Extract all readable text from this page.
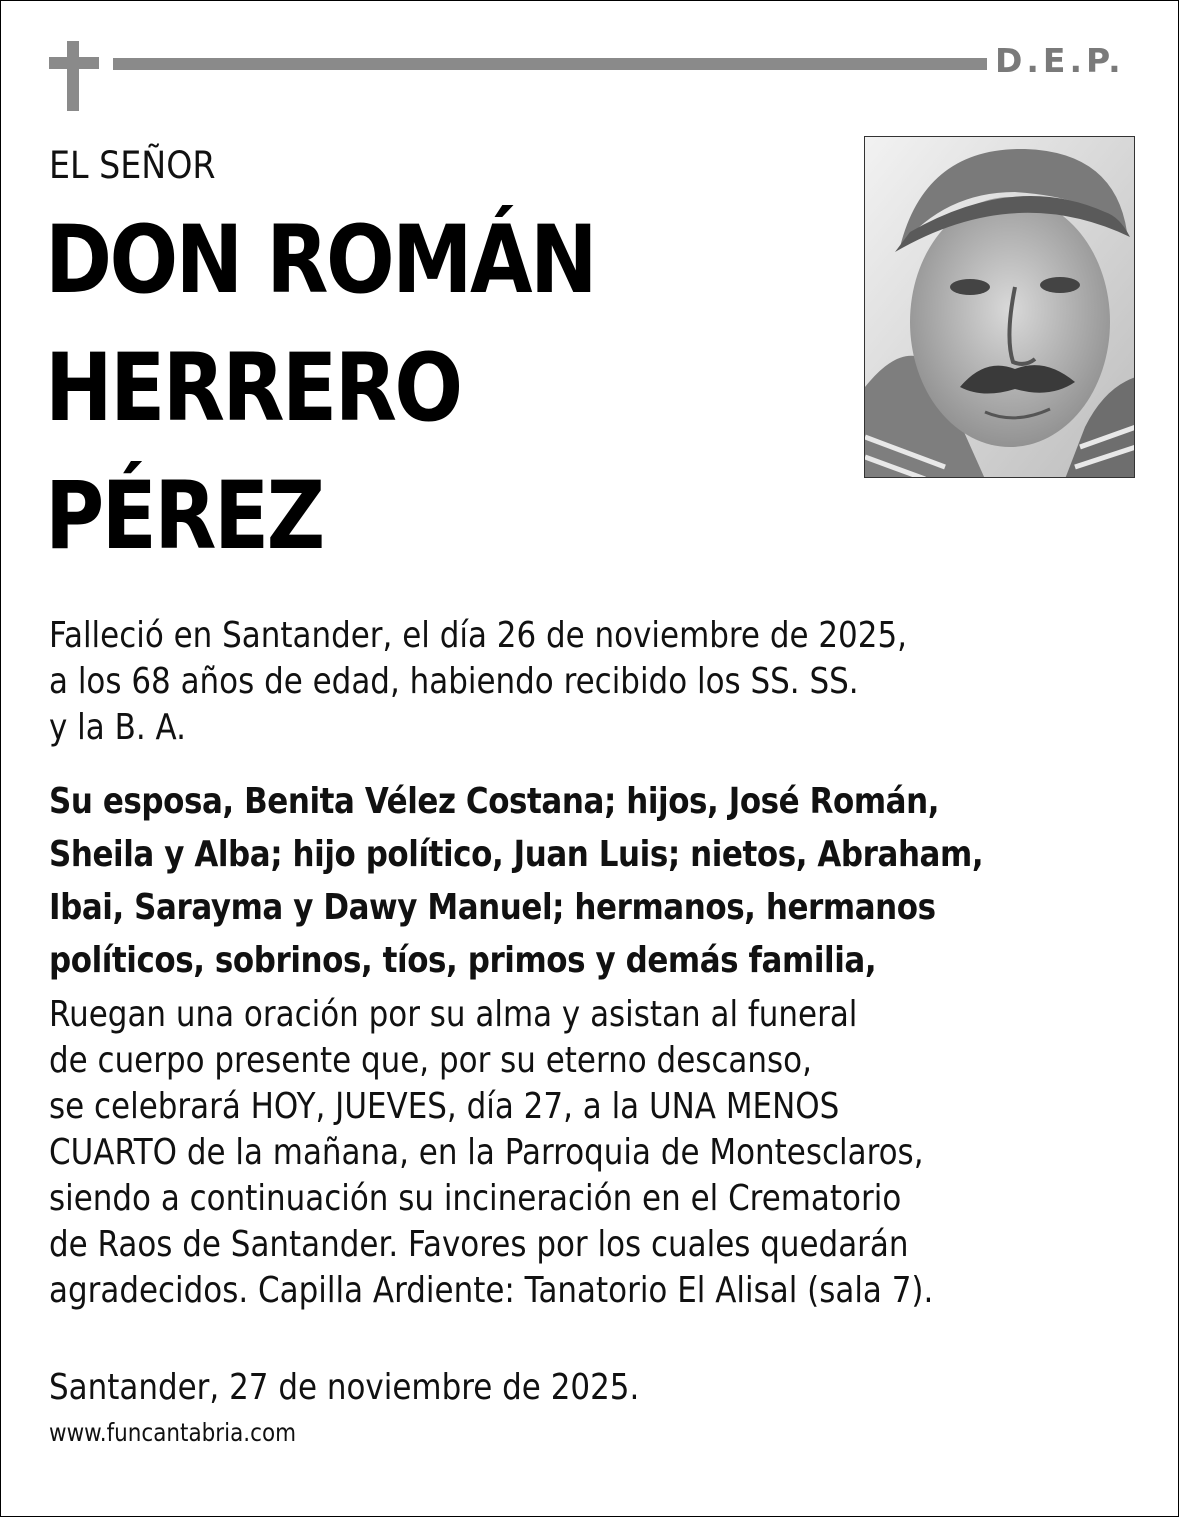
D.E.P.
EL SEÑOR
DON ROMÁN
HERRERO
PÉREZ
Falleció en Santander, el día 26 de noviembre de 2025,
a los 68 años de edad, habiendo recibido los SS. SS.
y la B. A.
Su esposa, Benita Vélez Costana; hijos, José Román,
Sheila y Alba; hijo político, Juan Luis; nietos, Abraham,
Ibai, Sarayma y Dawy Manuel; hermanos, hermanos
políticos, sobrinos, tíos, primos y demás familia,
Ruegan una oración por su alma y asistan al funeral
de cuerpo presente que, por su eterno descanso,
se celebrará HOY, JUEVES, día 27, a la UNA MENOS
CUARTO de la mañana, en la Parroquia de Montesclaros,
siendo a continuación su incineración en el Crematorio
de Raos de Santander. Favores por los cuales quedarán
agradecidos. Capilla Ardiente: Tanatorio El Alisal (sala 7).
Santander, 27 de noviembre de 2025.
www.funcantabria.com
